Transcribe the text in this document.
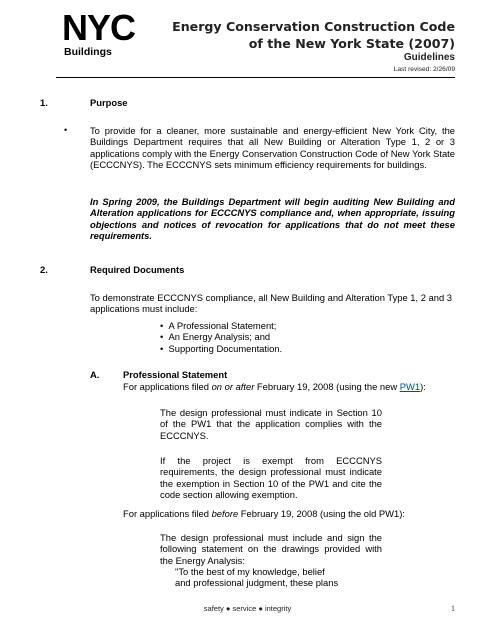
NYC
Buildings
Energy Conservation Construction Code
of the New York State (2007)
Guidelines
Last revised: 2/26/09
1.	Purpose
• To provide for a cleaner, more sustainable and energy-efficient New York City, the Buildings Department requires that all New Building or Alteration Type 1, 2 or 3 applications comply with the Energy Conservation Construction Code of New York State (ECCCNYS). The ECCCNYS sets minimum efficiency requirements for buildings.
In Spring 2009, the Buildings Department will begin auditing New Building and Alteration applications for ECCCNYS compliance and, when appropriate, issuing objections and notices of revocation for applications that do not meet these requirements.
2.	Required Documents
To demonstrate ECCCNYS compliance, all New Building and Alteration Type 1, 2 and 3 applications must include:
•  A Professional Statement;
•  An Energy Analysis; and
•  Supporting Documentation.
A.	Professional Statement
For applications filed on or after February 19, 2008 (using the new PW1):
The design professional must indicate in Section 10 of the PW1 that the application complies with the ECCCNYS.
If the project is exempt from ECCCNYS requirements, the design professional must indicate the exemption in Section 10 of the PW1 and cite the code section allowing exemption.
For applications filed before February 19, 2008 (using the old PW1):
The design professional must include and sign the following statement on the drawings provided with the Energy Analysis:
"To the best of my knowledge, belief
and professional judgment, these plans
safety ● service ● integrity	1
